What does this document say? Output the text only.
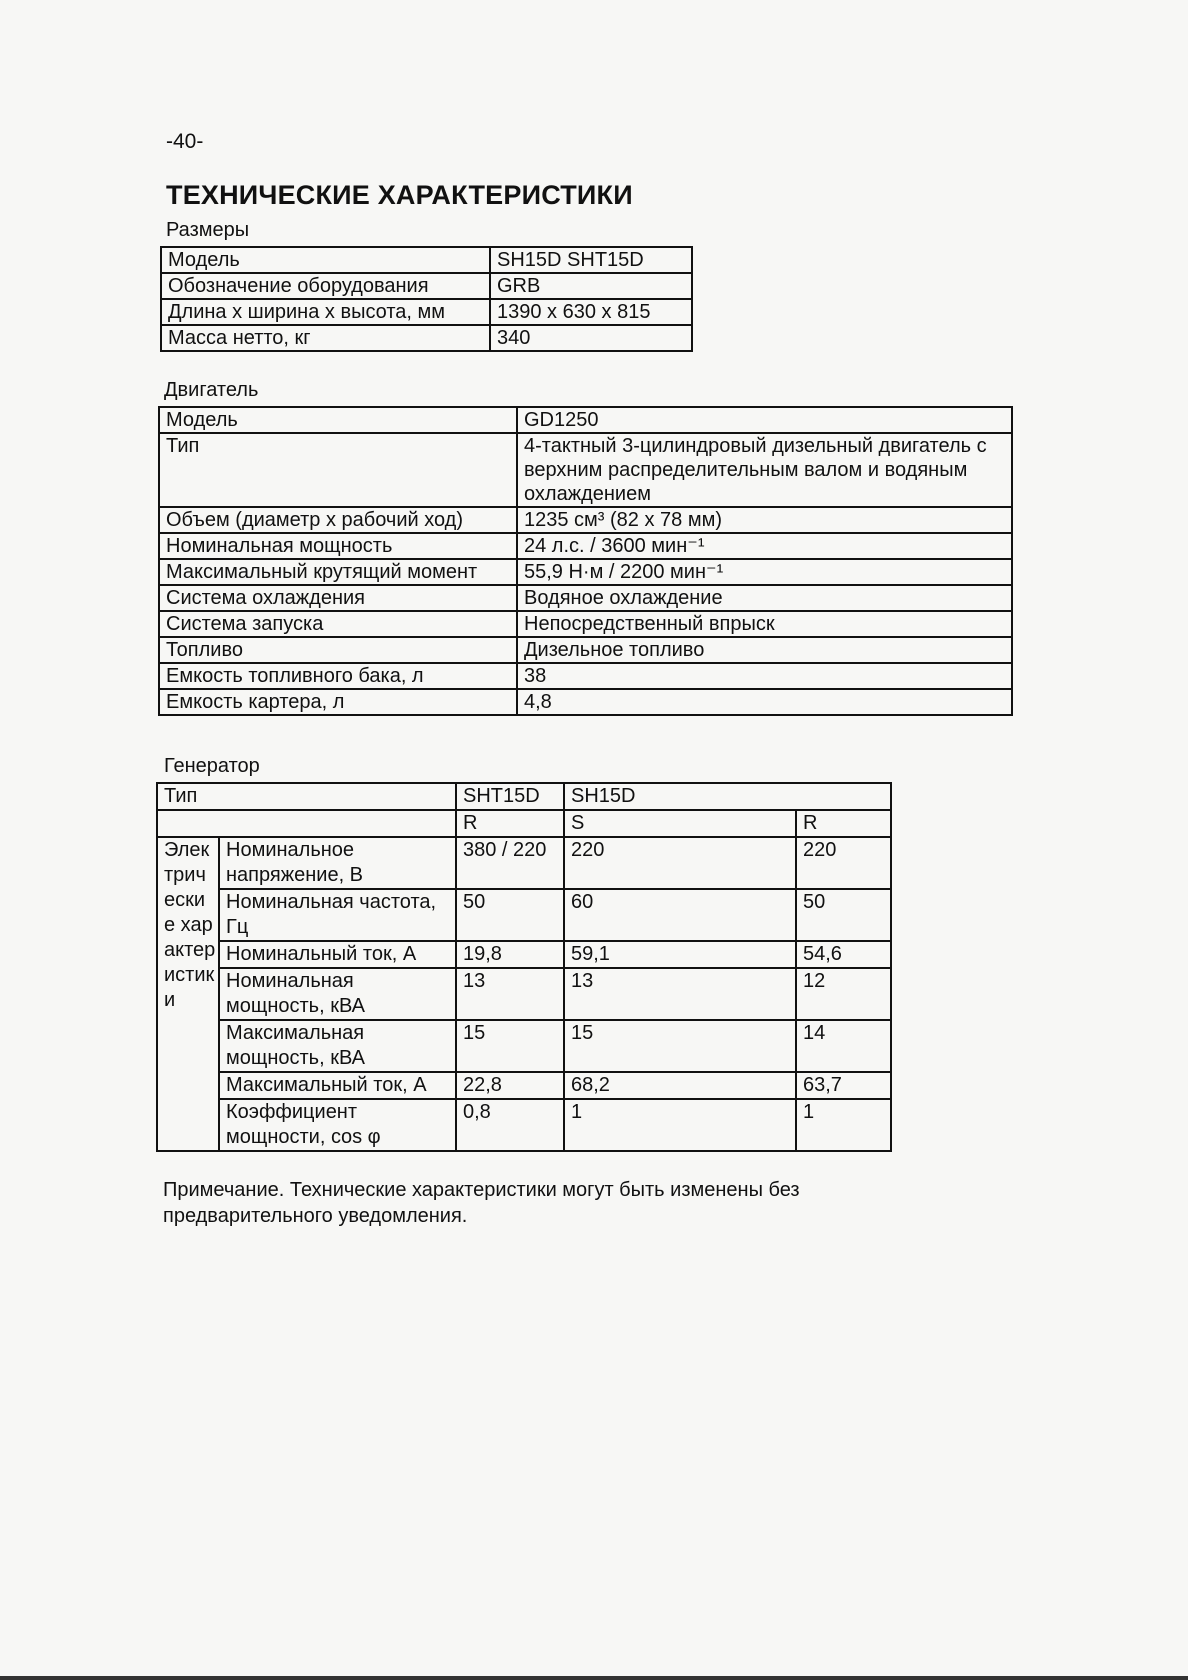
-40-
ТЕХНИЧЕСКИЕ ХАРАКТЕРИСТИКИ
Размеры
Модель	SH15D SHT15D
Обозначение оборудования	GRB
Длина х ширина х высота, мм	1390 х 630 х 815
Масса нетто, кг	340
Двигатель
Модель	GD1250
Тип	4-тактный 3-цилиндровый дизельный двигатель с верхним распределительным валом и водяным охлаждением
Объем (диаметр х рабочий ход)	1235 см³ (82 х 78 мм)
Номинальная мощность	24 л.с. / 3600 мин⁻¹
Максимальный крутящий момент	55,9 Н·м / 2200 мин⁻¹
Система охлаждения	Водяное охлаждение
Система запуска	Непосредственный впрыск
Топливо	Дизельное топливо
Емкость топливного бака, л	38
Емкость картера, л	4,8
Генератор
Тип		SHT15D	SH15D	
		R	S	R
Электрические характеристики	Номинальное напряжение, В	380 / 220	220	220
	Номинальная частота, Гц	50	60	50
	Номинальный ток, А	19,8	59,1	54,6
	Номинальная мощность, кВА	13	13	12
	Максимальная мощность, кВА	15	15	14
	Максимальный ток, А	22,8	68,2	63,7
	Коэффициент мощности, cos φ	0,8	1	1
Примечание. Технические характеристики могут быть изменены без предварительного уведомления.
